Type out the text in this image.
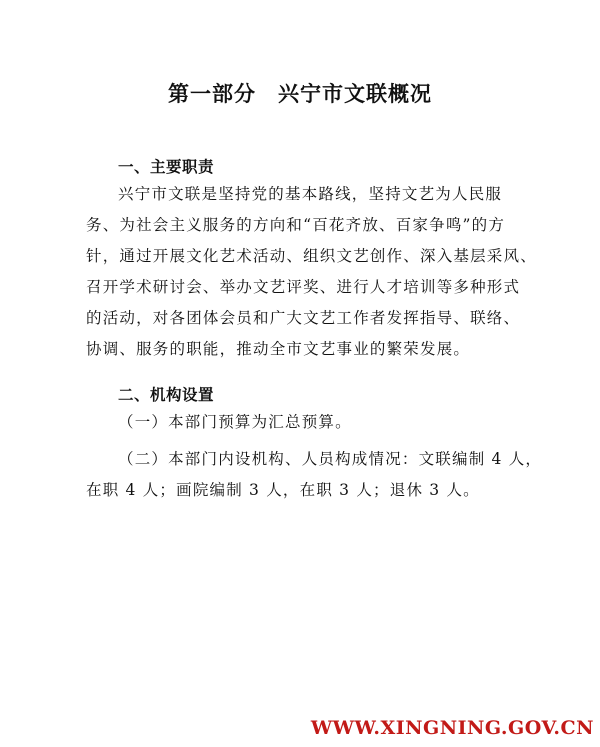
第一部分 兴宁市文联概况
一、主要职责
兴宁市文联是坚持党的基本路线，坚持文艺为人民服
务、为社会主义服务的方向和“百花齐放、百家争鸣”的方
针，通过开展文化艺术活动、组织文艺创作、深入基层采风、
召开学术研讨会、举办文艺评奖、进行人才培训等多种形式
的活动，对各团体会员和广大文艺工作者发挥指导、联络、
协调、服务的职能，推动全市文艺事业的繁荣发展。
二、机构设置
（一）本部门预算为汇总预算。
（二）本部门内设机构、人员构成情况：文联编制 4 人，
在职 4 人；画院编制 3 人，在职 3 人；退休 3 人。
WWW.XINGNING.GOV.CN
